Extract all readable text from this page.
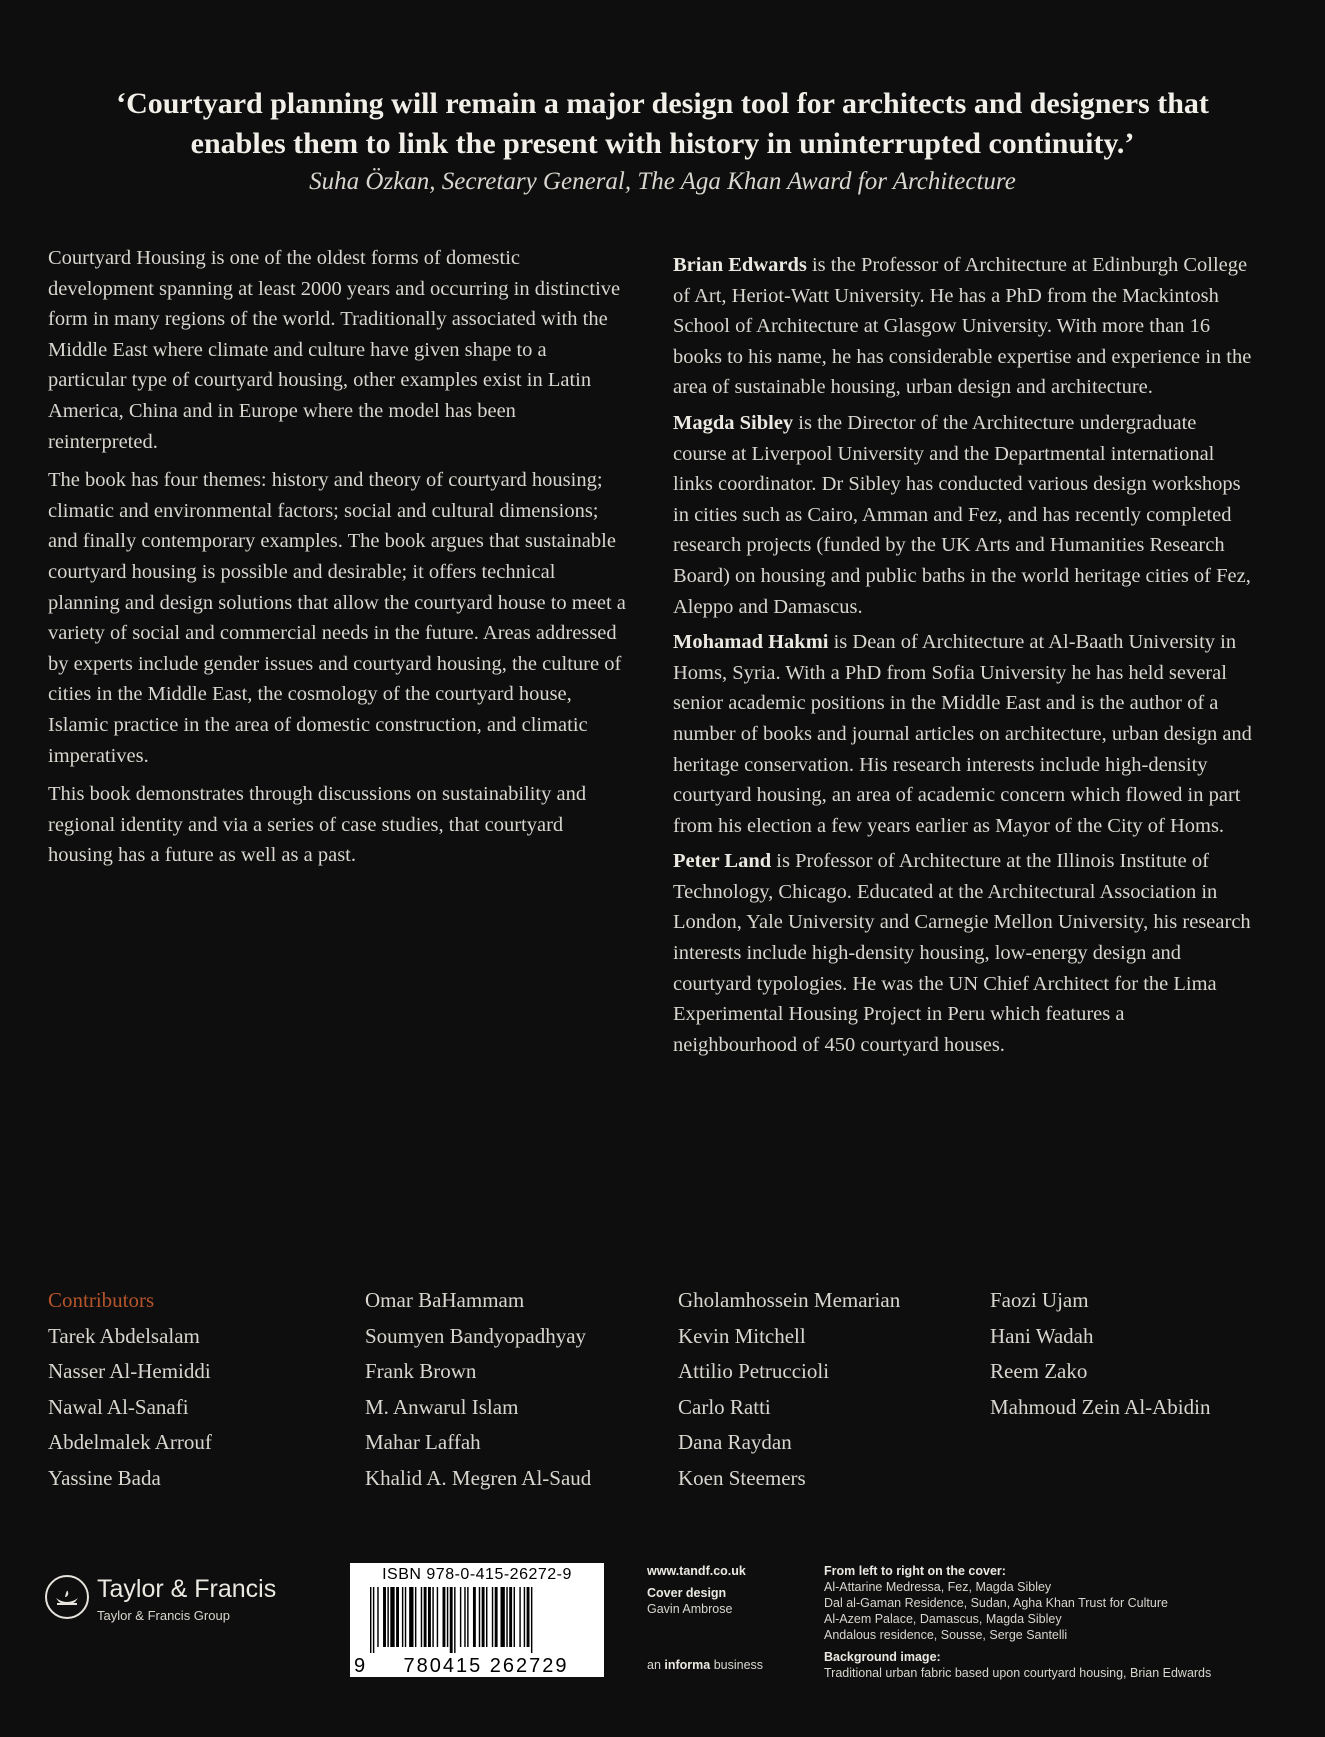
‘Courtyard planning will remain a major design tool for architects and designers that
enables them to link the present with history in uninterrupted continuity.’
Suha Özkan, Secretary General, The Aga Khan Award for Architecture

Courtyard Housing is one of the oldest forms of domestic development spanning at least 2000 years and occurring in distinctive form in many regions of the world. Traditionally associated with the Middle East where climate and culture have given shape to a particular type of courtyard housing, other examples exist in Latin America, China and in Europe where the model has been reinterpreted.

The book has four themes: history and theory of courtyard housing; climatic and environmental factors; social and cultural dimensions; and finally contemporary examples. The book argues that sustainable courtyard housing is possible and desirable; it offers technical planning and design solutions that allow the courtyard house to meet a variety of social and commercial needs in the future. Areas addressed by experts include gender issues and courtyard housing, the culture of cities in the Middle East, the cosmology of the courtyard house, Islamic practice in the area of domestic construction, and climatic imperatives.

This book demonstrates through discussions on sustainability and regional identity and via a series of case studies, that courtyard housing has a future as well as a past.

Brian Edwards is the Professor of Architecture at Edinburgh College of Art, Heriot-Watt University. He has a PhD from the Mackintosh School of Architecture at Glasgow University. With more than 16 books to his name, he has considerable expertise and experience in the area of sustainable housing, urban design and architecture.

Magda Sibley is the Director of the Architecture undergraduate course at Liverpool University and the Departmental international links coordinator. Dr Sibley has conducted various design workshops in cities such as Cairo, Amman and Fez, and has recently completed research projects (funded by the UK Arts and Humanities Research Board) on housing and public baths in the world heritage cities of Fez, Aleppo and Damascus.

Mohamad Hakmi is Dean of Architecture at Al-Baath University in Homs, Syria. With a PhD from Sofia University he has held several senior academic positions in the Middle East and is the author of a number of books and journal articles on architecture, urban design and heritage conservation. His research interests include high-density courtyard housing, an area of academic concern which flowed in part from his election a few years earlier as Mayor of the City of Homs.

Peter Land is Professor of Architecture at the Illinois Institute of Technology, Chicago. Educated at the Architectural Association in London, Yale University and Carnegie Mellon University, his research interests include high-density housing, low-energy design and courtyard typologies. He was the UN Chief Architect for the Lima Experimental Housing Project in Peru which features a neighbourhood of 450 courtyard houses.

Contributors
Tarek Abdelsalam
Nasser Al-Hemiddi
Nawal Al-Sanafi
Abdelmalek Arrouf
Yassine Bada
Omar BaHammam
Soumyen Bandyopadhyay
Frank Brown
M. Anwarul Islam
Mahar Laffah
Khalid A. Megren Al-Saud
Gholamhossein Memarian
Kevin Mitchell
Attilio Petruccioli
Carlo Ratti
Dana Raydan
Koen Steemers
Faozi Ujam
Hani Wadah
Reem Zako
Mahmoud Zein Al-Abidin
Taylor & Francis
Taylor & Francis Group
ISBN 978-0-415-26272-9
9	780415 262729
www.tandf.co.uk
Cover design
Gavin Ambrose
an informa business
From left to right on the cover:
Al-Attarine Medressa, Fez, Magda Sibley
Dal al-Gaman Residence, Sudan, Agha Khan Trust for Culture
Al-Azem Palace, Damascus, Magda Sibley
Andalous residence, Sousse, Serge Santelli
Background image:
Traditional urban fabric based upon courtyard housing, Brian Edwards
